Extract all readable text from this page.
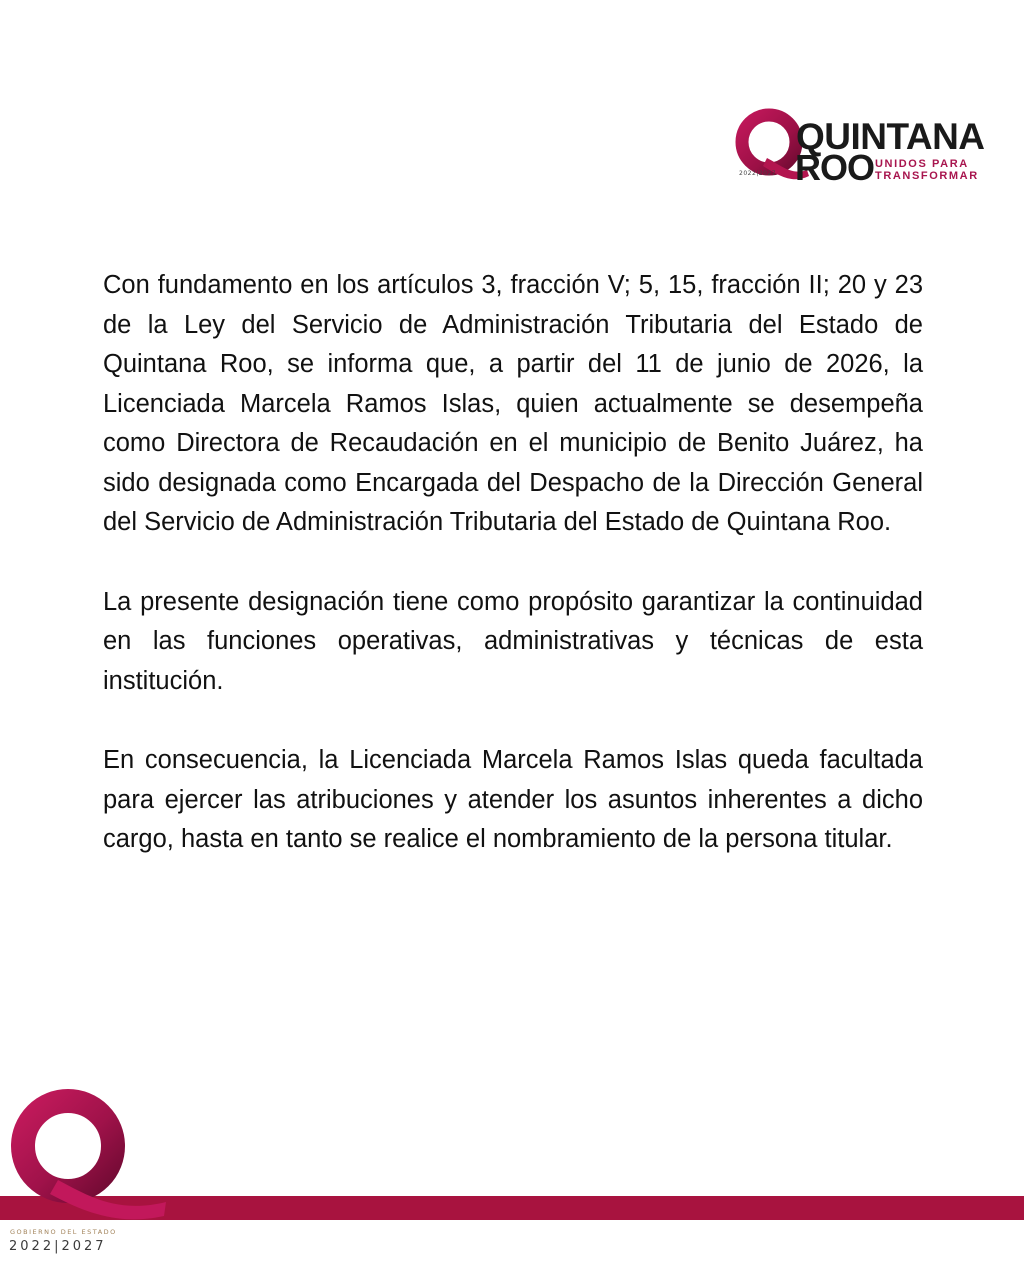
QUINTANA
ROO UNIDOS PARA
TRANSFORMAR
2022|2027

Con fundamento en los artículos 3, fracción V; 5, 15, fracción II; 20 y 23 de la Ley del Servicio de Administración Tributaria del Estado de Quintana Roo, se informa que, a partir del 11 de junio de 2026, la Licenciada Marcela Ramos Islas, quien actualmente se desempeña como Directora de Recaudación en el municipio de Benito Juárez, ha sido designada como Encargada del Despacho de la Dirección General del Servicio de Administración Tributaria del Estado de Quintana Roo.

La presente designación tiene como propósito garantizar la continuidad en las funciones operativas, administrativas y técnicas de esta institución.

En consecuencia, la Licenciada Marcela Ramos Islas queda facultada para ejercer las atribuciones y atender los asuntos inherentes a dicho cargo, hasta en tanto se realice el nombramiento de la persona titular.

GOBIERNO DEL ESTADO
2022|2027
